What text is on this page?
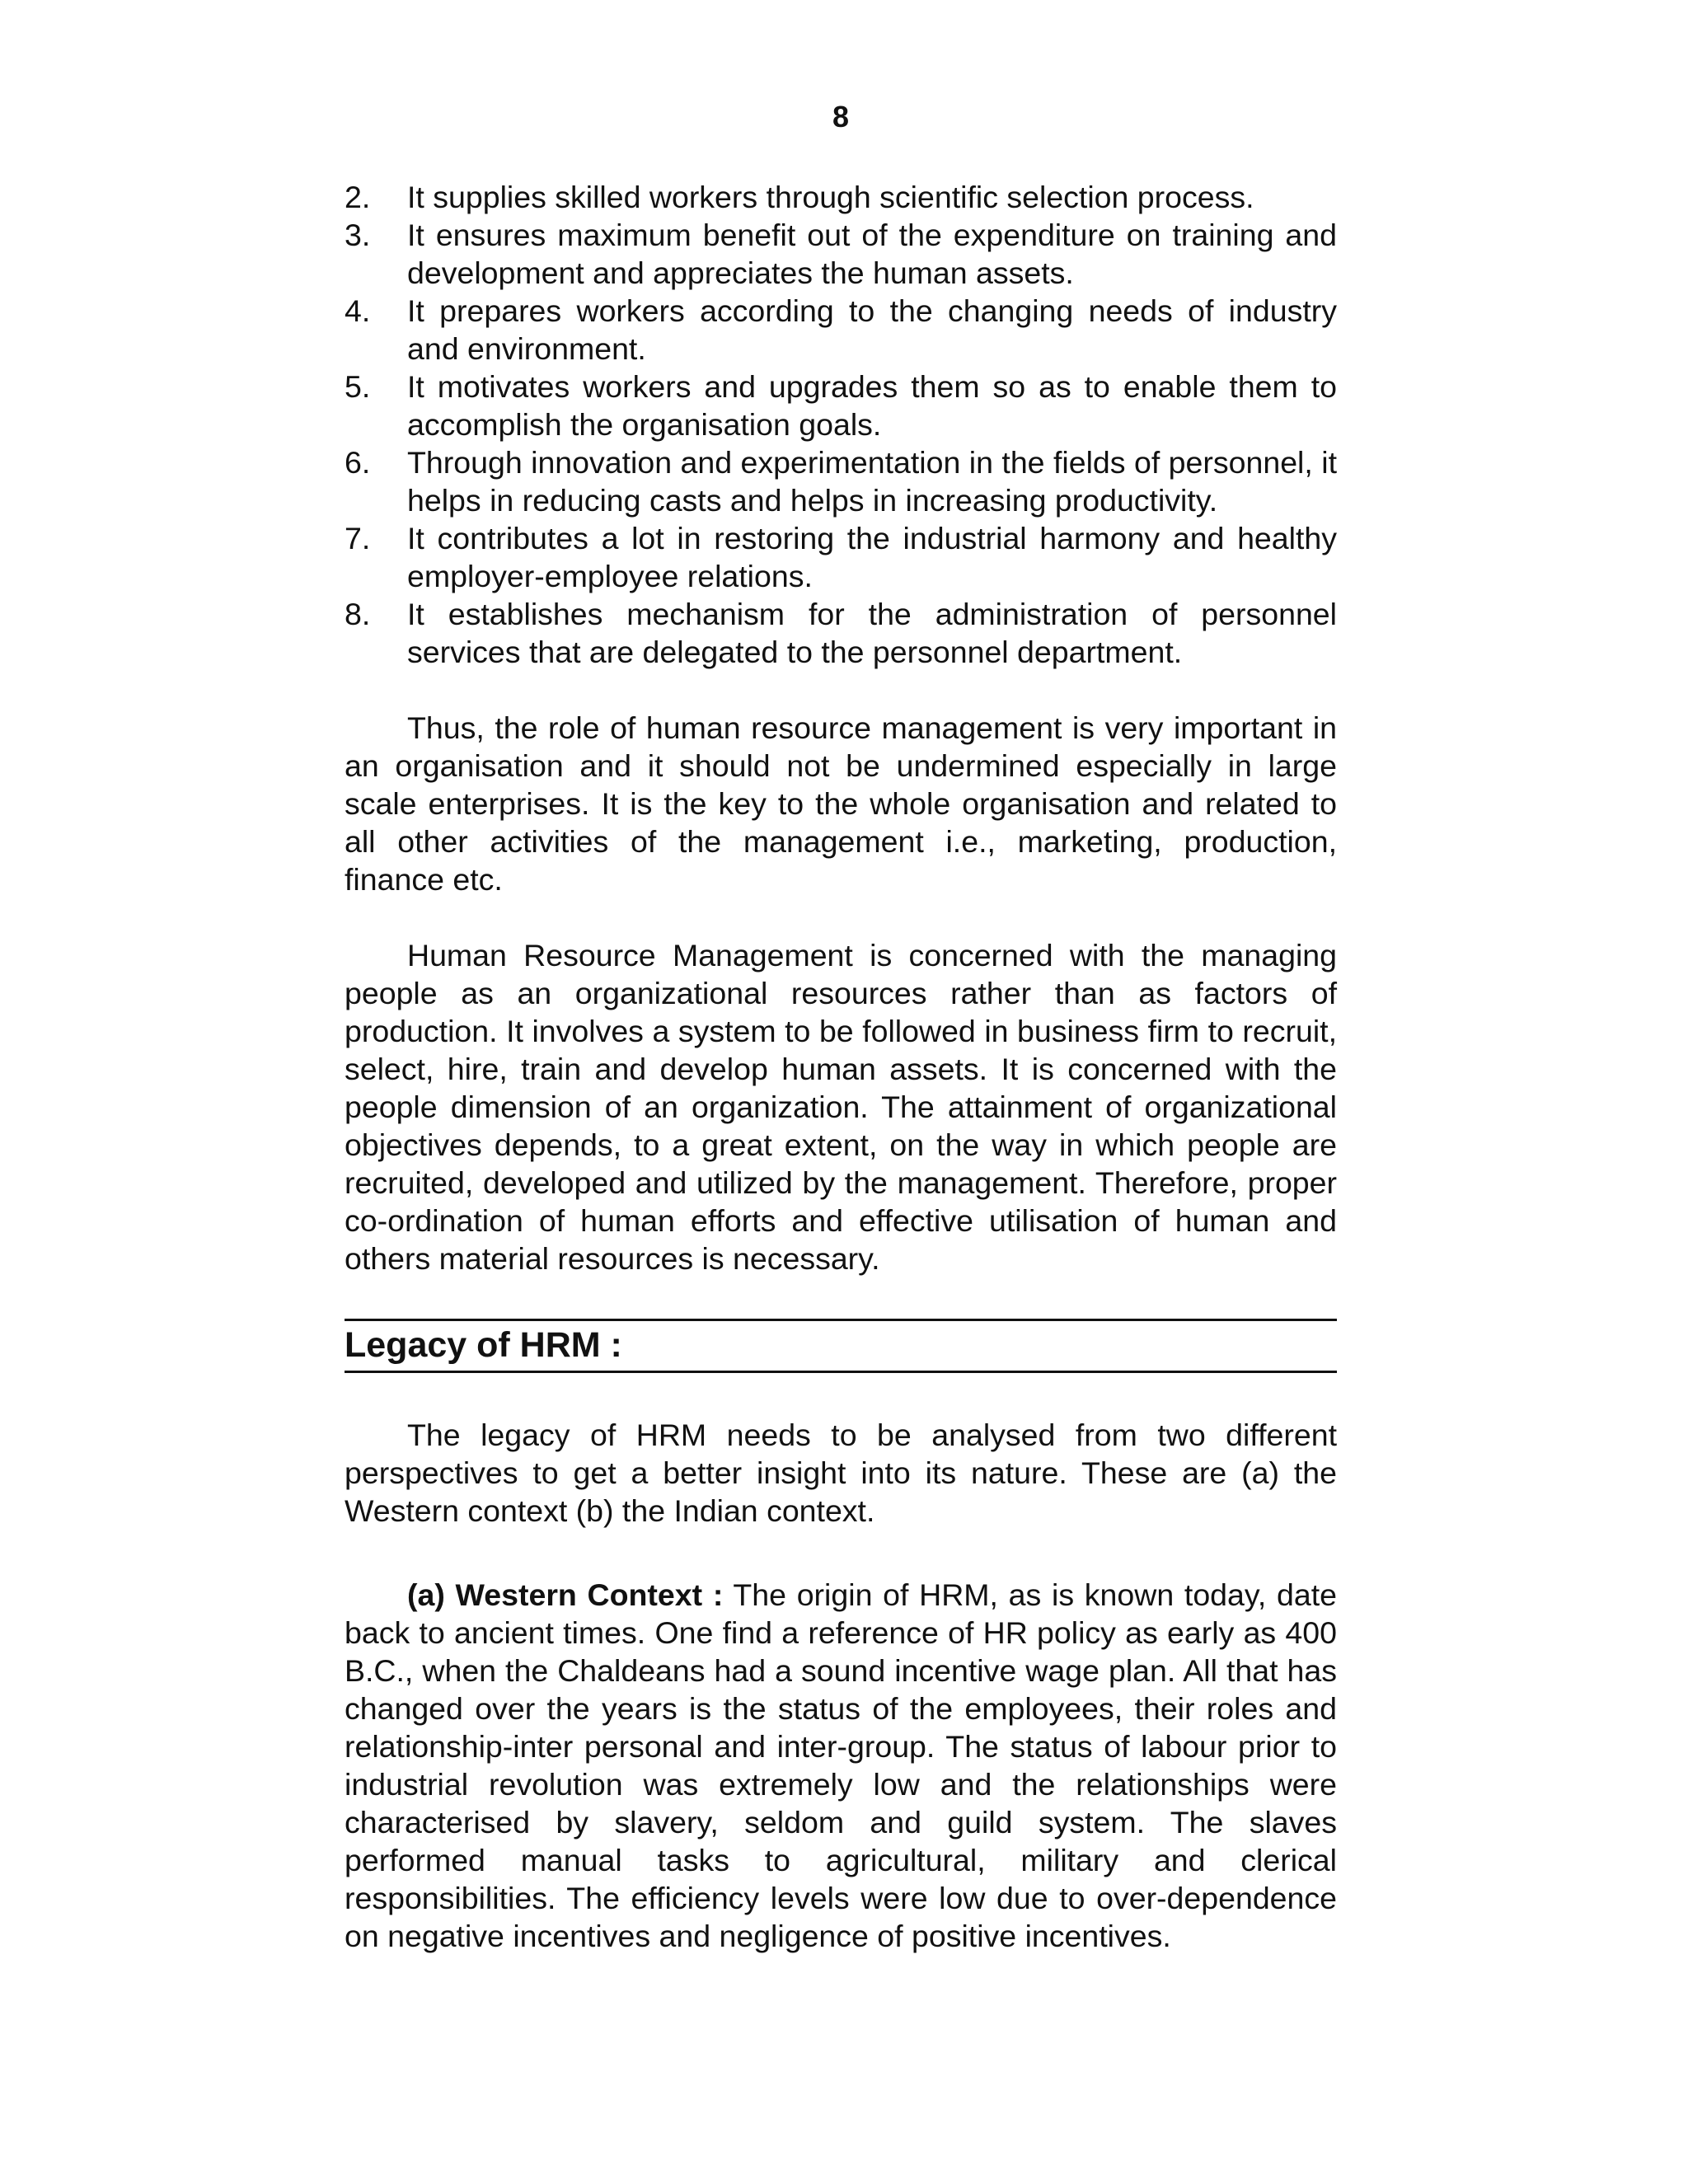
8
2.	It supplies skilled workers through scientific selection process.
3.	It ensures maximum benefit out of the expenditure on training and development and appreciates the human assets.
4.	It prepares workers according to the changing needs of industry and environment.
5.	It motivates workers and upgrades them so as to enable them to accomplish the organisation goals.
6.	Through innovation and experimentation in the fields of personnel, it helps in reducing casts and helps in increasing productivity.
7.	It contributes a lot in restoring the industrial harmony and healthy employer-employee relations.
8.	It establishes mechanism for the administration of personnel services that are delegated to the personnel department.

Thus, the role of human resource management is very important in an organisation and it should not be undermined especially in large scale enterprises. It is the key to the whole organisation and related to all other activities of the management i.e., marketing, production, finance etc.

Human Resource Management is concerned with the managing people as an organizational resources rather than as factors of production. It involves a system to be followed in business firm to recruit, select, hire, train and develop human assets. It is concerned with the people dimension of an organization. The attainment of organizational objectives depends, to a great extent, on the way in which people are recruited, developed and utilized by the management. Therefore, proper co-ordination of human efforts and effective utilisation of human and others material resources is necessary.

Legacy of HRM :

The legacy of HRM needs to be analysed from two different perspectives to get a better insight into its nature. These are (a) the Western context (b) the Indian context.

(a) Western Context : The origin of HRM, as is known today, date back to ancient times. One find a reference of HR policy as early as 400 B.C., when the Chaldeans had a sound incentive wage plan. All that has changed over the years is the status of the employees, their roles and relationship-inter personal and inter-group. The status of labour prior to industrial revolution was extremely low and the relationships were characterised by slavery, seldom and guild system. The slaves performed manual tasks to agricultural, military and clerical responsibilities. The efficiency levels were low due to over-dependence on negative incentives and negligence of positive incentives.
